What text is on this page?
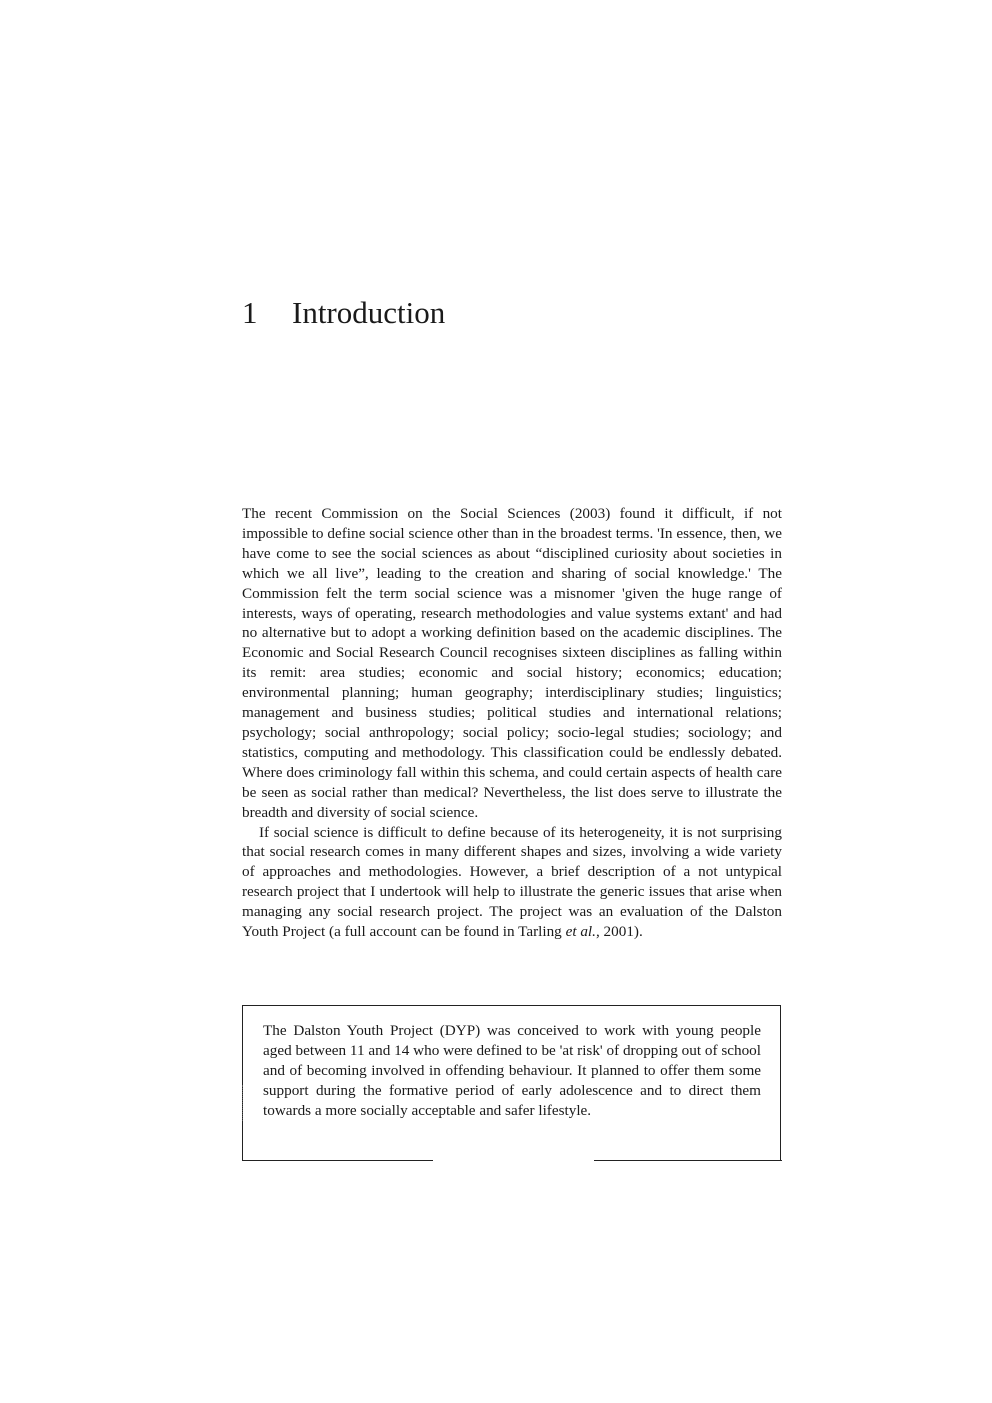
1 Introduction

The recent Commission on the Social Sciences (2003) found it difficult, if not impossible to define social science other than in the broadest terms. 'In essence, then, we have come to see the social sciences as about “disciplined curiosity about societies in which we all live”, leading to the creation and sharing of social knowledge.' The Commission felt the term social science was a misnomer 'given the huge range of interests, ways of operating, research methodologies and value systems extant' and had no alternative but to adopt a working definition based on the academic disciplines. The Economic and Social Research Council recognises sixteen disciplines as falling within its remit: area studies; economic and social history; economics; education; environmental planning; human geography; interdisciplinary studies; linguistics; management and business studies; political studies and international relations; psychology; social anthropology; social policy; socio-legal studies; sociology; and statistics, computing and methodology. This classification could be endlessly debated. Where does criminology fall within this schema, and could certain aspects of health care be seen as social rather than medical? Nevertheless, the list does serve to illustrate the breadth and diversity of social science.

If social science is difficult to define because of its heterogeneity, it is not surprising that social research comes in many different shapes and sizes, involving a wide variety of approaches and methodologies. However, a brief description of a not untypical research project that I undertook will help to illustrate the generic issues that arise when managing any social research project. The project was an evaluation of the Dalston Youth Project (a full account can be found in Tarling et al., 2001).

The Dalston Youth Project (DYP) was conceived to work with young people aged between 11 and 14 who were defined to be 'at risk' of dropping out of school and of becoming involved in offending behaviour. It planned to offer them some support during the formative period of early adolescence and to direct them towards a more socially acceptable and safer lifestyle.
